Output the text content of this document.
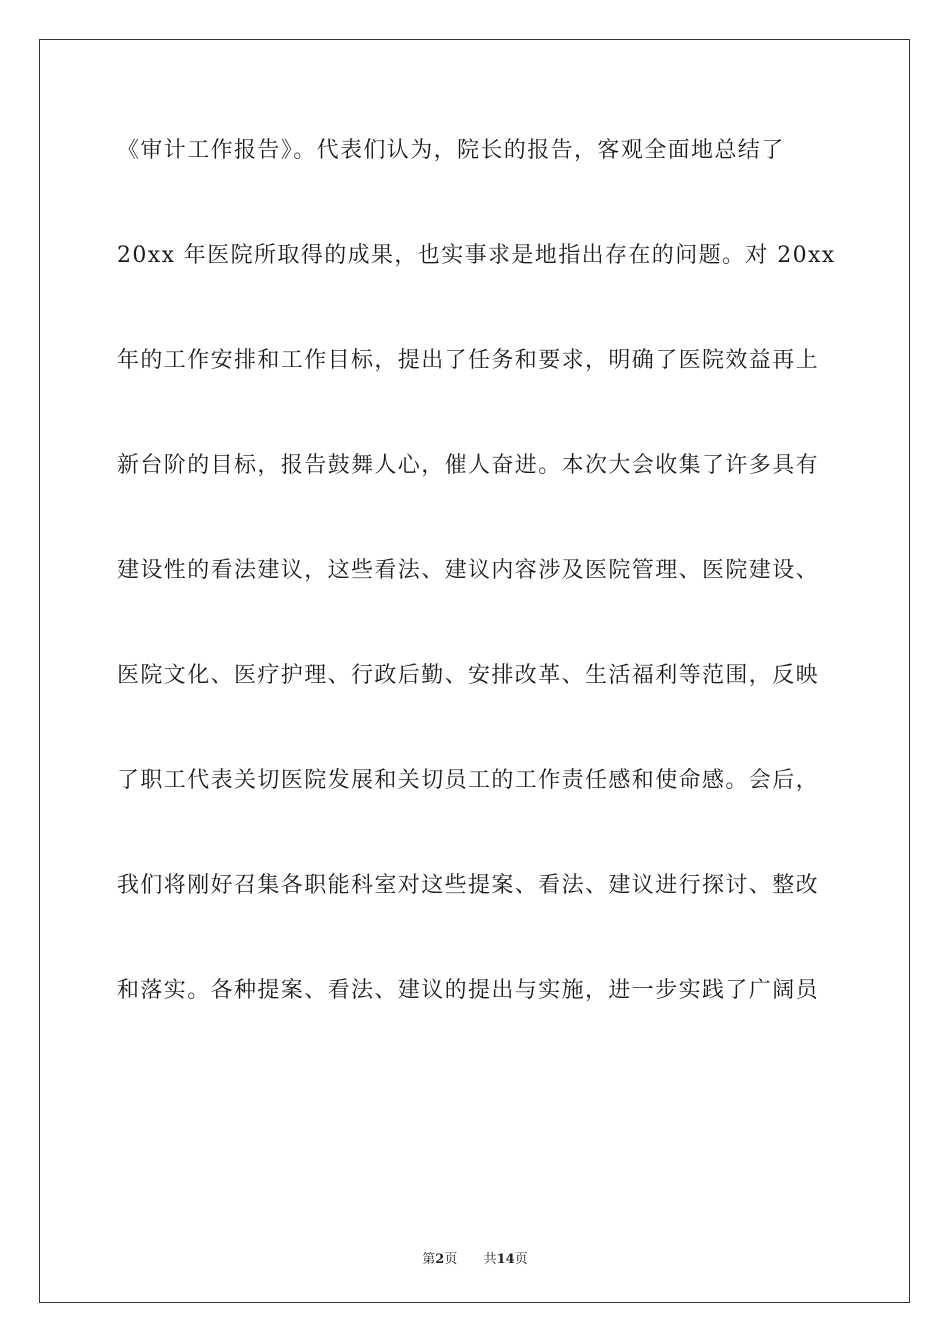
《审计工作报告》。代表们认为，院长的报告，客观全面地总结了
20xx 年医院所取得的成果，也实事求是地指出存在的问题。对 20xx
年的工作安排和工作目标，提出了任务和要求，明确了医院效益再上
新台阶的目标，报告鼓舞人心，催人奋进。本次大会收集了许多具有
建设性的看法建议，这些看法、建议内容涉及医院管理、医院建设、
医院文化、医疗护理、行政后勤、安排改革、生活福利等范围，反映
了职工代表关切医院发展和关切员工的工作责任感和使命感。会后，
我们将刚好召集各职能科室对这些提案、看法、建议进行探讨、整改
和落实。各种提案、看法、建议的提出与实施，进一步实践了广阔员
第2页 共14页
